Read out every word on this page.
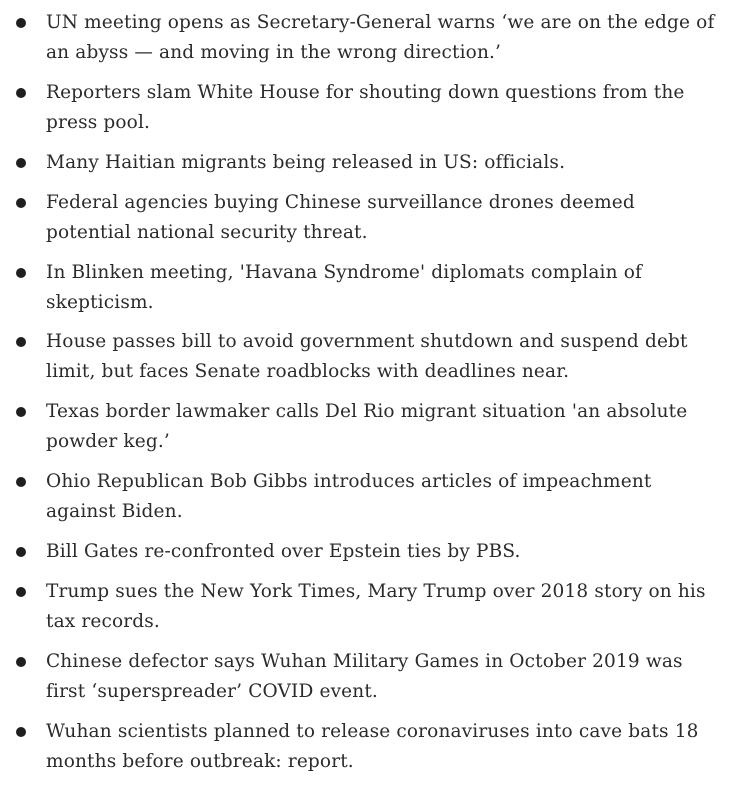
UN meeting opens as Secretary-General warns ‘we are on the edge of an abyss — and moving in the wrong direction.’
Reporters slam White House for shouting down questions from the press pool.
Many Haitian migrants being released in US: officials.
Federal agencies buying Chinese surveillance drones deemed potential national security threat.
In Blinken meeting, 'Havana Syndrome' diplomats complain of skepticism.
House passes bill to avoid government shutdown and suspend debt limit, but faces Senate roadblocks with deadlines near.
Texas border lawmaker calls Del Rio migrant situation 'an absolute powder keg.’
Ohio Republican Bob Gibbs introduces articles of impeachment against Biden.
Bill Gates re-confronted over Epstein ties by PBS.
Trump sues the New York Times, Mary Trump over 2018 story on his tax records.
Chinese defector says Wuhan Military Games in October 2019 was first ‘superspreader’ COVID event.
Wuhan scientists planned to release coronaviruses into cave bats 18 months before outbreak: report.
